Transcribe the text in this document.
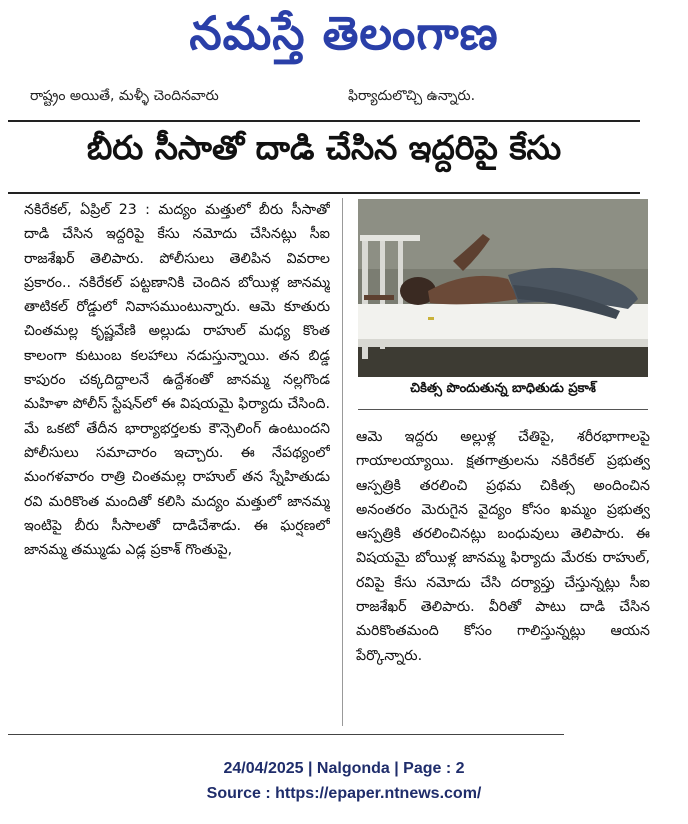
నమస్తే తెలంగాణ
రాష్ట్రం అయితే, మళ్ళీ చెందినవారు	ఫిర్యాదులొచ్చి ఉన్నారు.
బీరు సీసాతో దాడి చేసిన ఇద్దరిపై కేసు
నకిరేకల్, ఏప్రిల్ 23 : మద్యం మత్తులో బీరు సీసాతో దాడి చేసిన ఇద్దరిపై కేసు నమోదు చేసినట్లు సీఐ రాజశేఖర్ తెలిపారు. పోలీసులు తెలిపిన వివరాల ప్రకారం.. నకిరేకల్ పట్టణానికి చెందిన బోయిళ్ల జానమ్మ తాటికల్ రోడ్డులో నివాసముంటున్నారు. ఆమె కూతురు చింతమల్ల కృష్ణవేణి అల్లుడు రాహుల్ మధ్య కొంత కాలంగా కుటుంబ కలహాలు నడుస్తున్నాయి. తన బిడ్డ కాపురం చక్కదిద్దాలనే ఉద్దేశంతో జానమ్మ నల్లగొండ మహిళా పోలీస్ స్టేషన్‌లో ఈ విషయమై ఫిర్యాదు చేసింది. మే ఒకటో తేదీన భార్యాభర్తలకు కౌన్సెలింగ్ ఉంటుందని పోలీసులు సమాచారం ఇచ్చారు. ఈ నేపథ్యంలో మంగళవారం రాత్రి చింతమల్ల రాహుల్ తన స్నేహితుడు రవి మరికొంత మందితో కలిసి మద్యం మత్తులో జానమ్మ ఇంటిపై బీరు సీసాలతో దాడిచేశాడు. ఈ ఘర్షణలో జానమ్మ తమ్ముడు ఎడ్ల ప్రకాశ్ గొంతుపై,
చికిత్స పొందుతున్న బాధితుడు ప్రకాశ్
ఆమె ఇద్దరు అల్లుళ్ల చేతిపై, శరీరభాగాలపై గాయాలయ్యాయి. క్షతగాత్రులను నకిరేకల్ ప్రభుత్వ ఆస్పత్రికి తరలించి ప్రథమ చికిత్స అందించిన అనంతరం మెరుగైన వైద్యం కోసం ఖమ్మం ప్రభుత్వ ఆస్పత్రికి తరలించినట్లు బంధువులు తెలిపారు. ఈ విషయమై బోయిళ్ల జానమ్మ ఫిర్యాదు మేరకు రాహుల్, రవిపై కేసు నమోదు చేసి దర్యాప్తు చేస్తున్నట్లు సీఐ రాజశేఖర్ తెలిపారు. వీరితో పాటు దాడి చేసిన మరికొంతమంది కోసం గాలిస్తున్నట్లు ఆయన పేర్కొన్నారు.
24/04/2025 | Nalgonda | Page : 2
Source : https://epaper.ntnews.com/
